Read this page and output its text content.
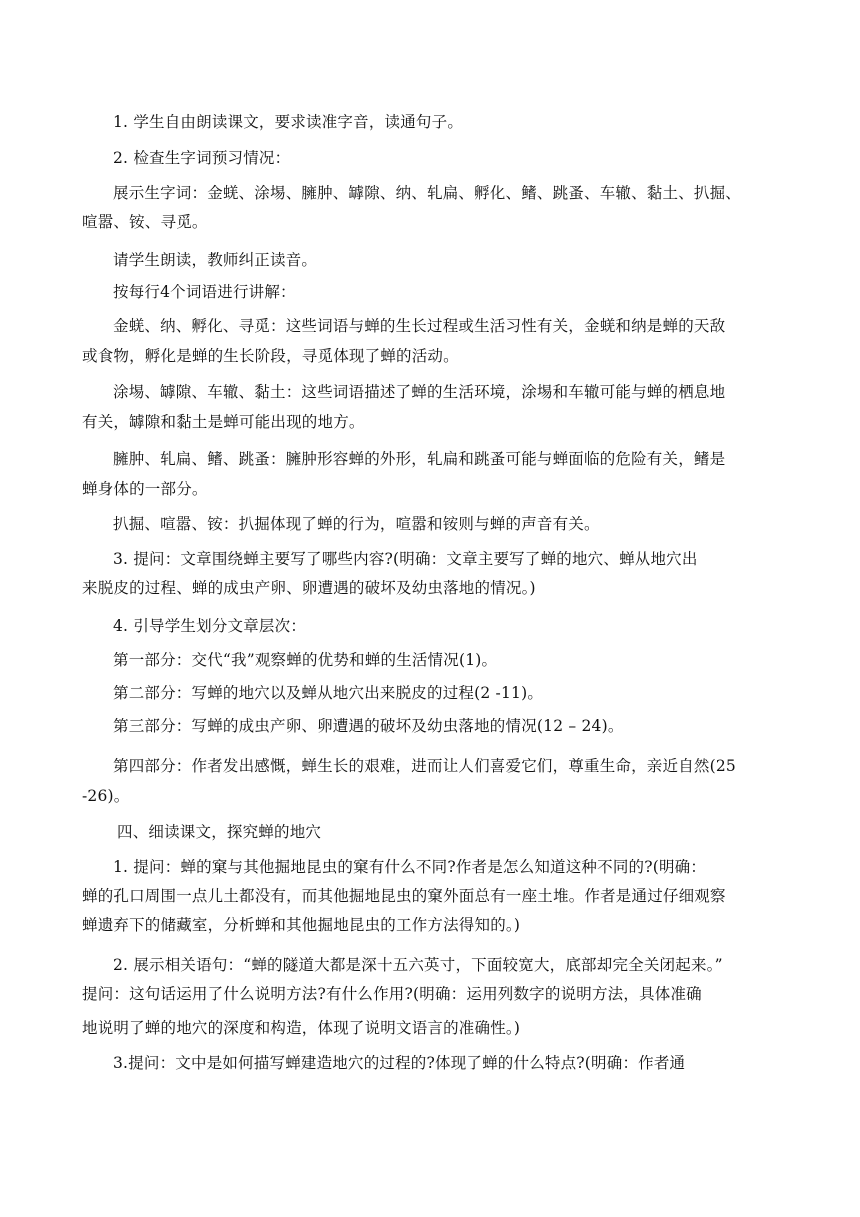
1. 学生自由朗读课文，要求读准字音，读通句子。
2. 检查生字词预习情况：
展示生字词：金蜣、涂埸、臃肿、罅隙、纳、轧扁、孵化、鳍、跳蚤、车辙、黏土、扒掘、
喧嚣、铵、寻觅。
请学生朗读，教师纠正读音。
按每行4个词语进行讲解：
金蜣、纳、孵化、寻觅：这些词语与蝉的生长过程或生活习性有关，金蜣和纳是蝉的天敌
或食物，孵化是蝉的生长阶段，寻觅体现了蝉的活动。
涂埸、罅隙、车辙、黏土：这些词语描述了蝉的生活环境，涂埸和车辙可能与蝉的栖息地
有关，罅隙和黏土是蝉可能出现的地方。
臃肿、轧扁、鳍、跳蚤：臃肿形容蝉的外形，轧扁和跳蚤可能与蝉面临的危险有关，鳍是
蝉身体的一部分。
扒掘、喧嚣、铵：扒掘体现了蝉的行为，喧嚣和铵则与蝉的声音有关。
3. 提问：文章围绕蝉主要写了哪些内容?(明确：文章主要写了蝉的地穴、蝉从地穴出
来脱皮的过程、蝉的成虫产卵、卵遭遇的破坏及幼虫落地的情况。)
4. 引导学生划分文章层次：
第一部分：交代“我”观察蝉的优势和蝉的生活情况(1)。
第二部分：写蝉的地穴以及蝉从地穴出来脱皮的过程(2 -11)。
第三部分：写蝉的成虫产卵、卵遭遇的破坏及幼虫落地的情况(12 – 24)。
第四部分：作者发出感慨，蝉生长的艰难，进而让人们喜爱它们，尊重生命，亲近自然(25
-26)。
四、细读课文，探究蝉的地穴
1. 提问：蝉的窠与其他掘地昆虫的窠有什么不同?作者是怎么知道这种不同的?(明确：
蝉的孔口周围一点儿土都没有，而其他掘地昆虫的窠外面总有一座土堆。作者是通过仔细观察
蝉遗弃下的储藏室，分析蝉和其他掘地昆虫的工作方法得知的。)
2. 展示相关语句：“蝉的隧道大都是深十五六英寸，下面较宽大，底部却完全关闭起来。”
提问：这句话运用了什么说明方法?有什么作用?(明确：运用列数字的说明方法，具体准确
地说明了蝉的地穴的深度和构造，体现了说明文语言的准确性。)
3.提问：文中是如何描写蝉建造地穴的过程的?体现了蝉的什么特点?(明确：作者通
